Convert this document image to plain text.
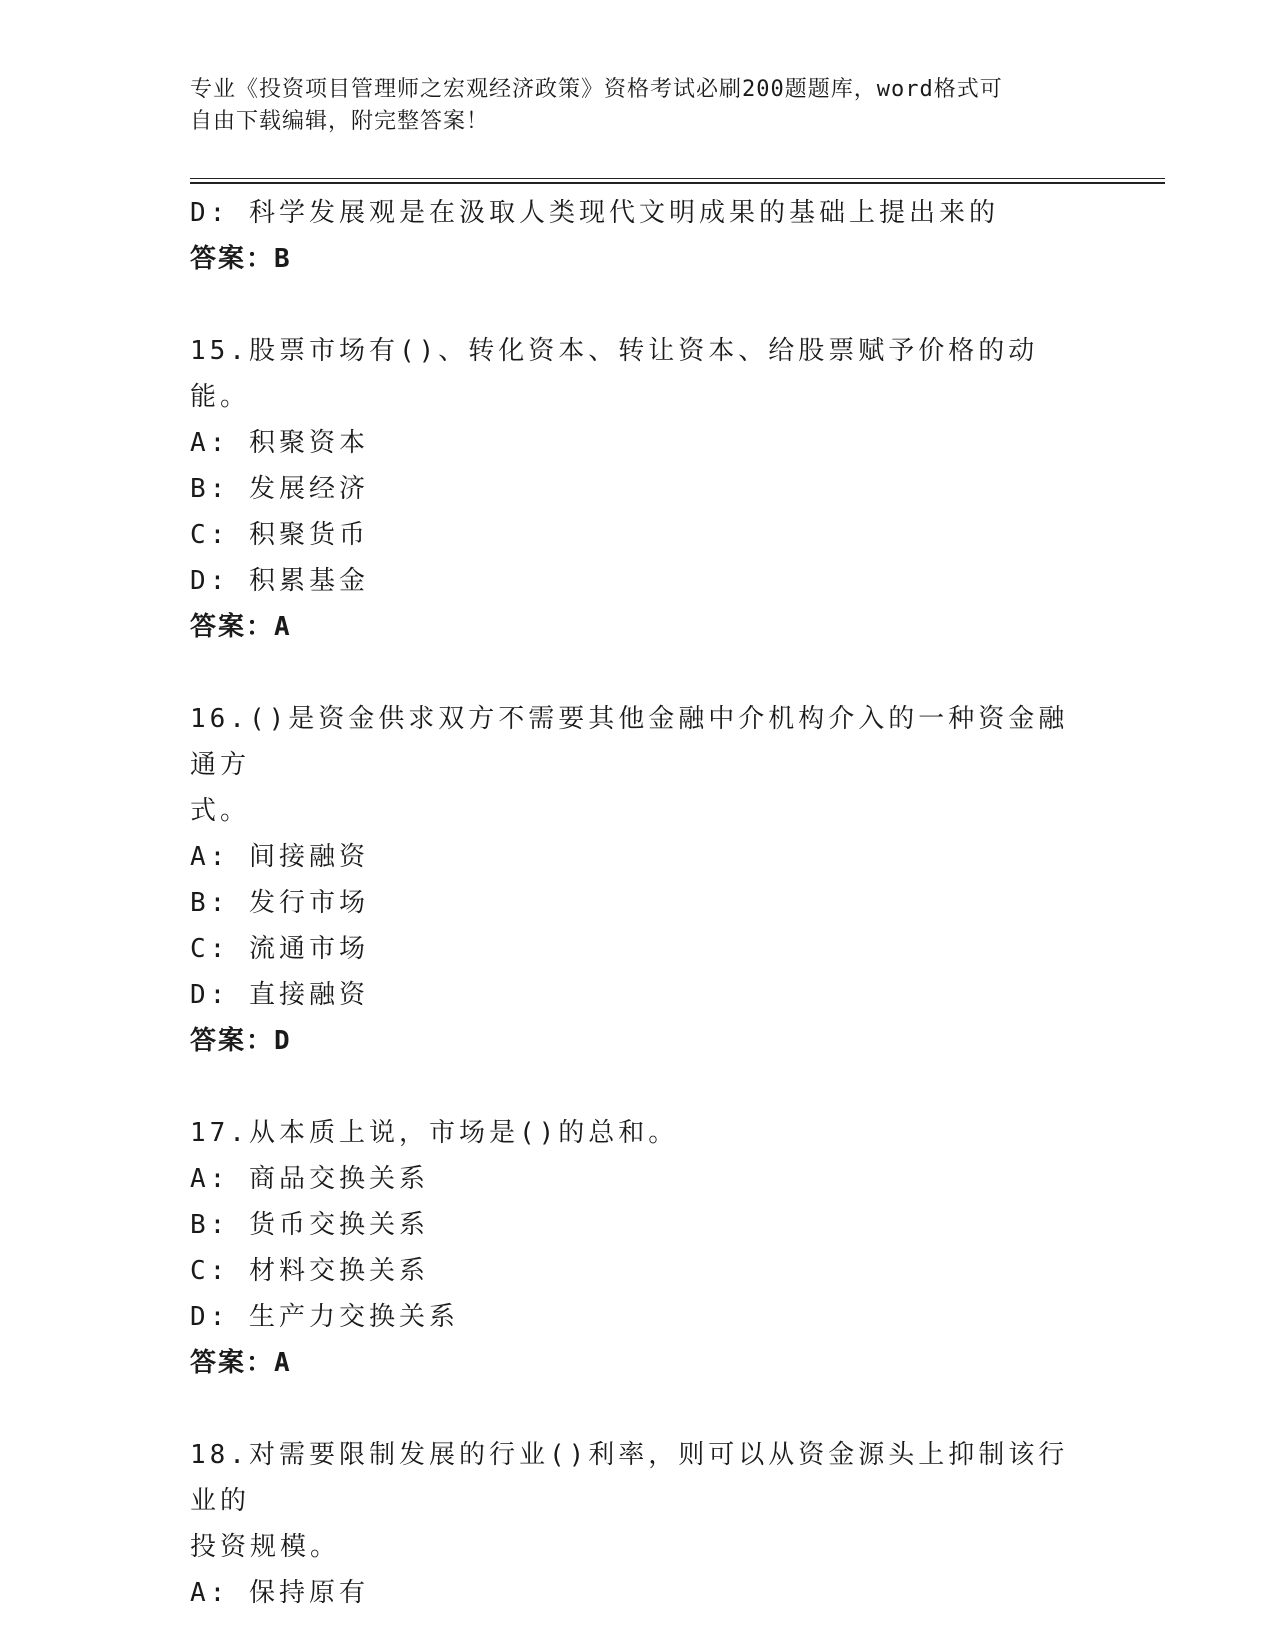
专业《投资项目管理师之宏观经济政策》资格考试必刷200题题库，word格式可
自由下载编辑，附完整答案！

D: 科学发展观是在汲取人类现代文明成果的基础上提出来的

答案：B

15.股票市场有()、转化资本、转让资本、给股票赋予价格的动能。

A: 积聚资本

B: 发展经济

C: 积聚货币

D: 积累基金

答案：A

16.()是资金供求双方不需要其他金融中介机构介入的一种资金融通方

式。

A: 间接融资

B: 发行市场

C: 流通市场

D: 直接融资

答案：D

17.从本质上说，市场是()的总和。

A: 商品交换关系

B: 货币交换关系

C: 材料交换关系

D: 生产力交换关系

答案：A

18.对需要限制发展的行业()利率，则可以从资金源头上抑制该行业的

投资规模。

A: 保持原有
